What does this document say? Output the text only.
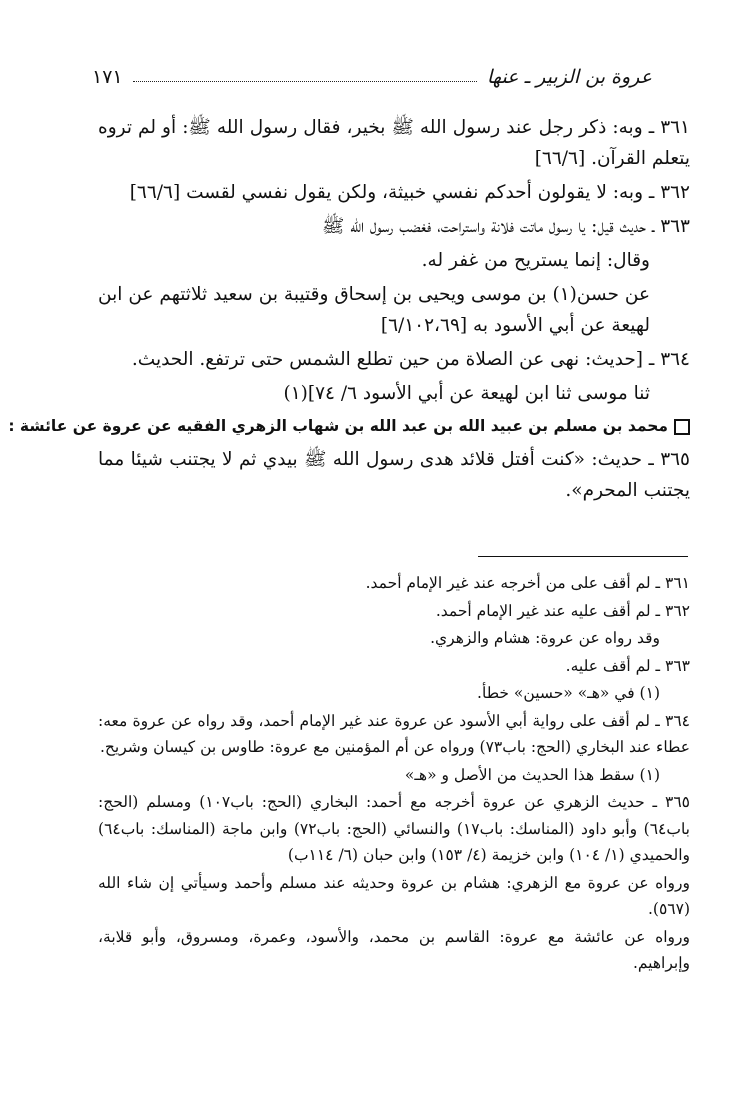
عروة بن الزبير ـ عنها
١٧١

٣٦١ ـ وبه: ذكر رجل عند رسول الله ﷺ بخير، فقال رسول الله ﷺ: أو لم تروه يتعلم القرآن. [٦٦/٦]

٣٦٢ ـ وبه: لا يقولون أحدكم نفسي خبيثة، ولكن يقول نفسي لقست [٦٦/٦]

٣٦٣ ـ حديث قيل: يا رسول ماتت فلانة واستراحت، فغضب رسول الله ﷺ

وقال: إنما يستريح من غفر له.

عن حسن(١) بن موسى ويحيى بن إسحاق وقتيبة بن سعيد ثلاثتهم عن ابن لهيعة عن أبي الأسود به [٦/١٠٢،٦٩]

٣٦٤ ـ [حديث: نهى عن الصلاة من حين تطلع الشمس حتى ترتفع. الحديث.

ثنا موسى ثنا ابن لهيعة عن أبي الأسود ٦/ ٧٤](١)

محمد بن مسلم بن عبيد الله بن عبد الله بن شهاب الزهري الفقيه عن عروة عن عائشة :

٣٦٥ ـ حديث: «كنت أفتل قلائد هدى رسول الله ﷺ بيدي ثم لا يجتنب شيئا مما يجتنب المحرم».

٣٦١ ـ لم أقف على من أخرجه عند غير الإمام أحمد.

٣٦٢ ـ لم أقف عليه عند غير الإمام أحمد.

وقد رواه عن عروة: هشام والزهري.

٣٦٣ ـ لم أقف عليه.

(١) في «هـ» «حسين» خطأ.

٣٦٤ ـ لم أقف على رواية أبي الأسود عن عروة عند غير الإمام أحمد، وقد رواه عن عروة معه: عطاء عند البخاري (الحج: باب٧٣) ورواه عن أم المؤمنين مع عروة: طاوس بن كيسان وشريح.

(١) سقط هذا الحديث من الأصل و «هـ»

٣٦٥ ـ حديث الزهري عن عروة أخرجه مع أحمد: البخاري (الحج: باب١٠٧) ومسلم (الحج: باب٦٤) وأبو داود (المناسك: باب١٧) والنسائي (الحج: باب٧٢) وابن ماجة (المناسك: باب٦٤) والحميدي (١/ ١٠٤) وابن خزيمة (٤/ ١٥٣) وابن حبان (٦/ ١١٤ب)

ورواه عن عروة مع الزهري: هشام بن عروة وحديثه عند مسلم وأحمد وسيأتي إن شاء الله (٥٦٧).

ورواه عن عائشة مع عروة: القاسم بن محمد، والأسود، وعمرة، ومسروق، وأبو قلابة، وإبراهيم.
